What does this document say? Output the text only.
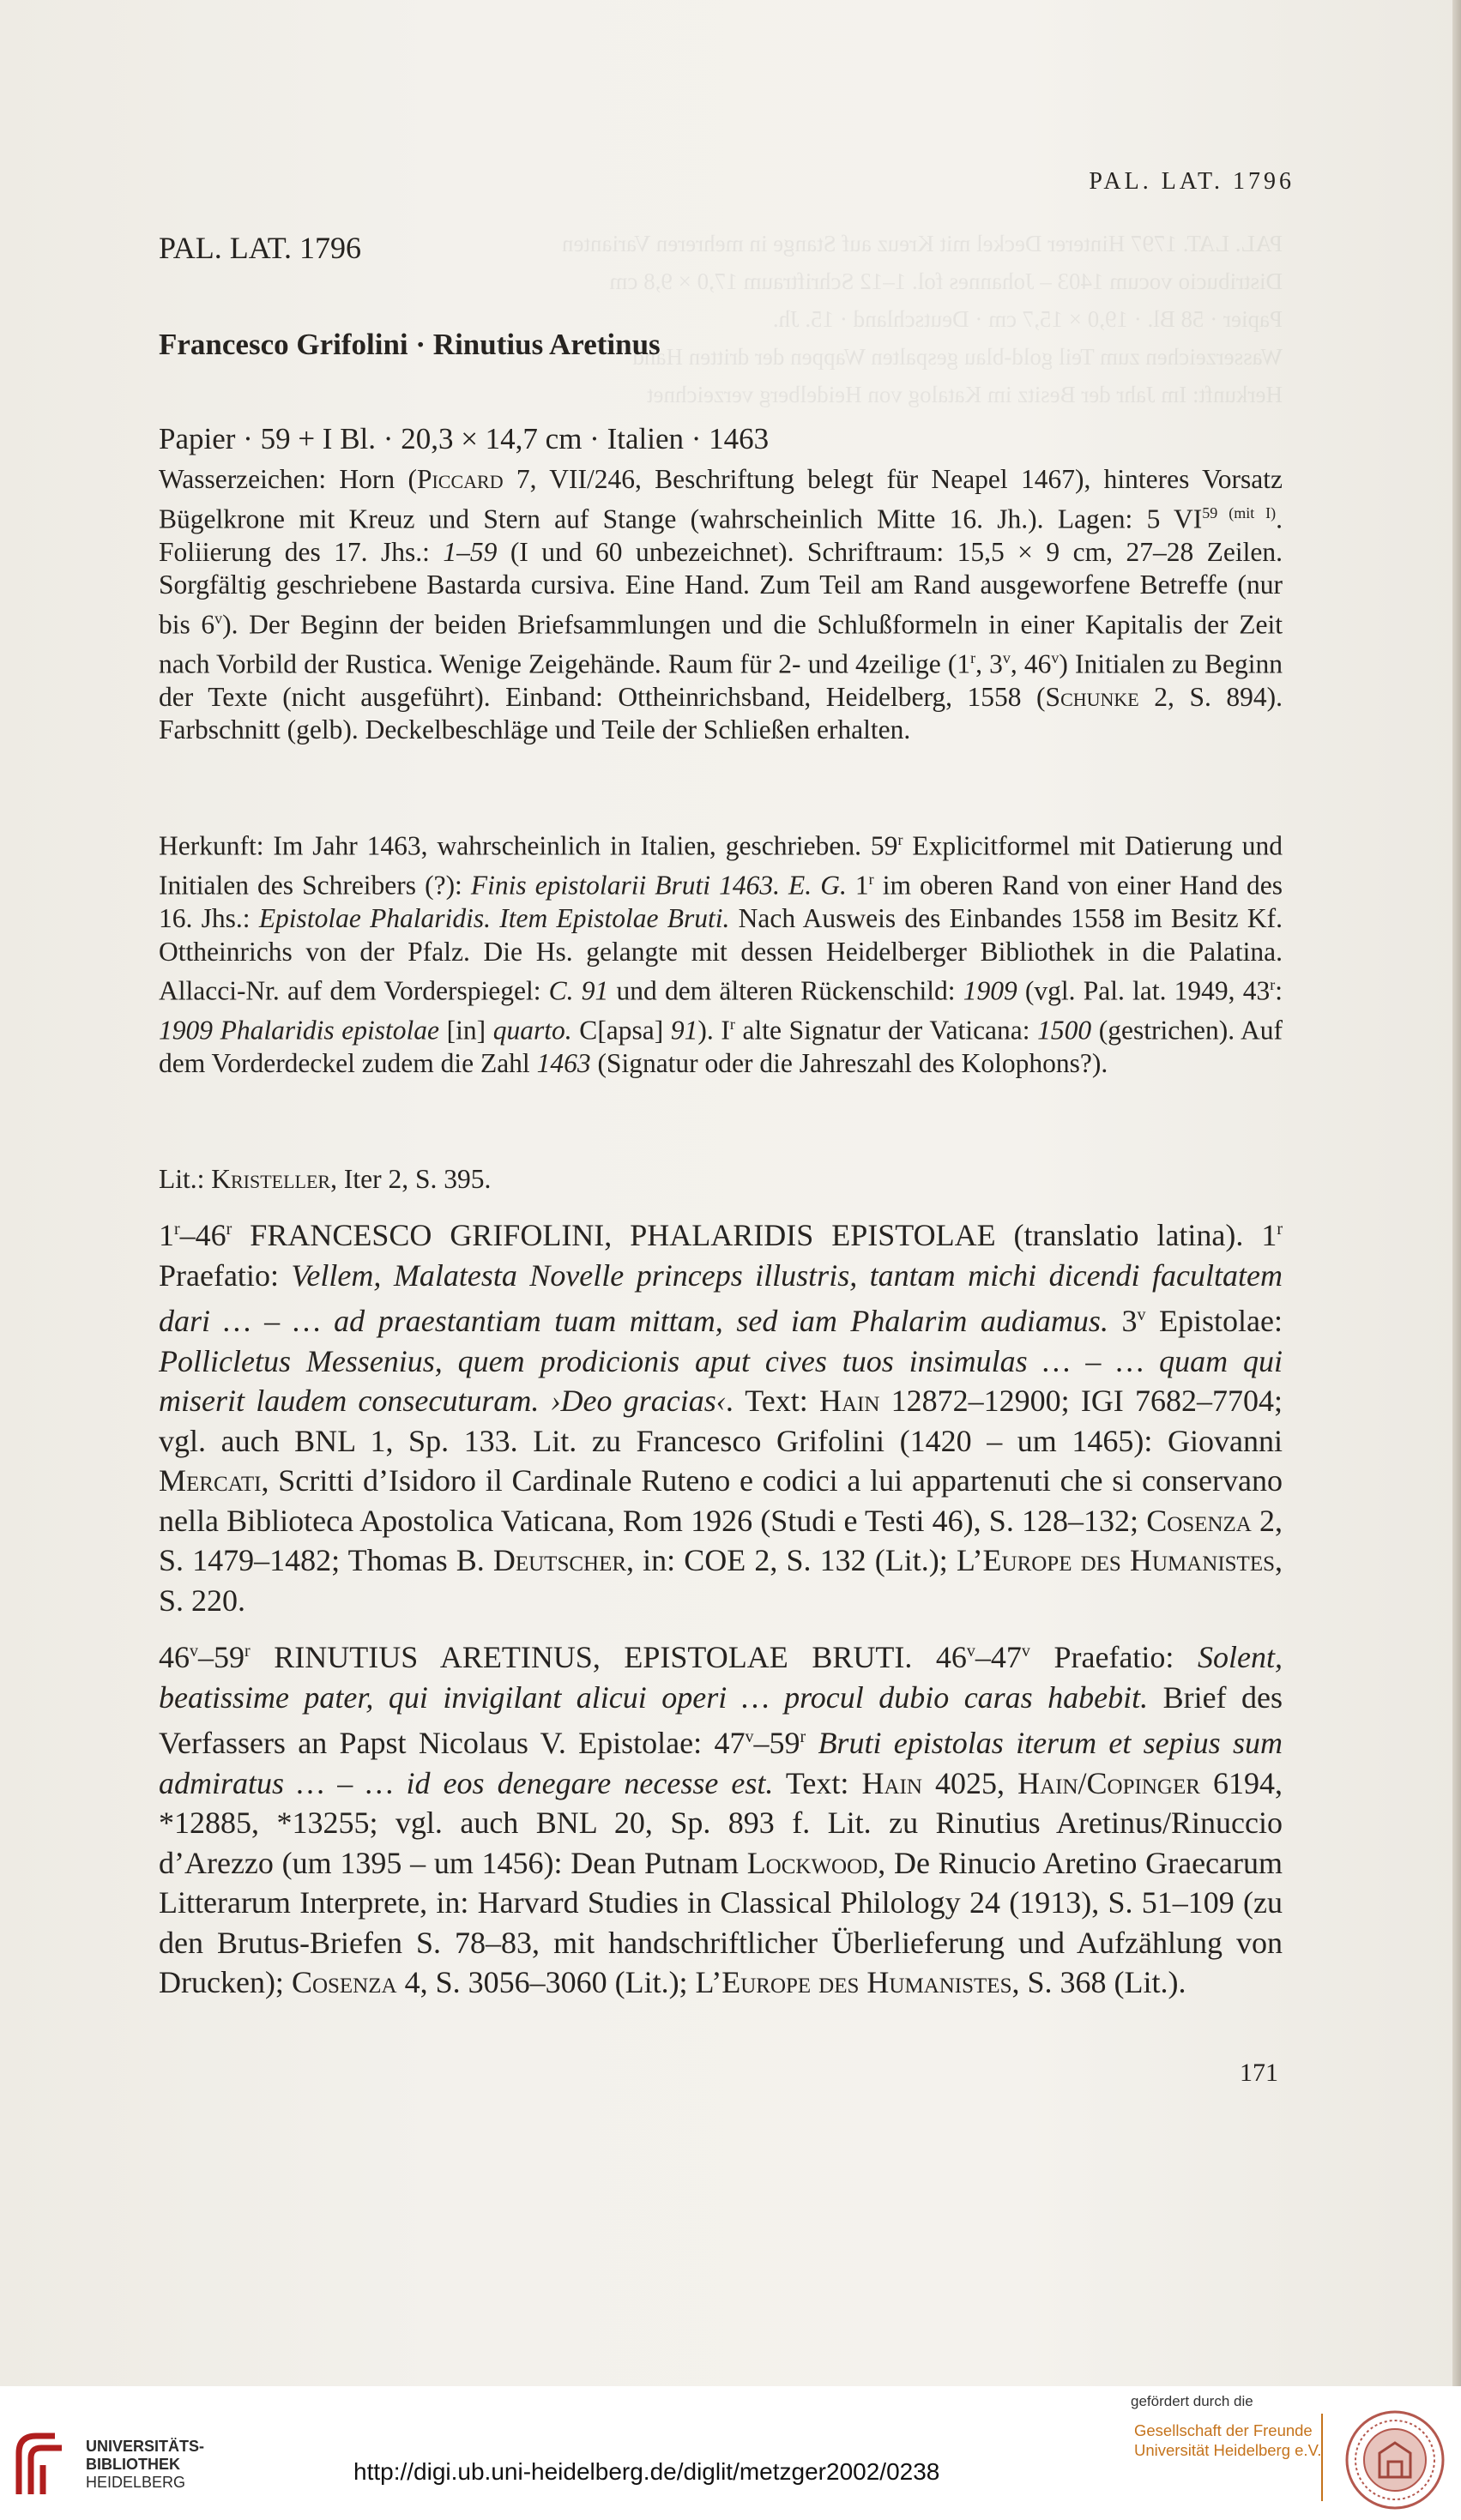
PAL. LAT. 1796
PAL. LAT. 1796
Francesco Grifolini · Rinutius Aretinus
Papier · 59 + I Bl. · 20,3 × 14,7 cm · Italien · 1463

Wasserzeichen: Horn (Piccard 7, VII/246, Beschriftung belegt für Neapel 1467), hinteres Vorsatz Bügelkrone mit Kreuz und Stern auf Stange (wahrscheinlich Mitte 16. Jh.). Lagen: 5 $VI^{59 (mit I)}$. Foliierung des 17. Jhs.: 1–59 (I und 60 unbezeichnet). Schriftraum: 15,5 × 9 cm, 27–28 Zeilen. Sorgfältig geschriebene Bastarda cursiva. Eine Hand. Zum Teil am Rand ausgeworfene Betreffe (nur bis 6$^v$). Der Beginn der beiden Briefsammlungen und die Schlußformeln in einer Kapitalis der Zeit nach Vorbild der Rustica. Wenige Zeigehände. Raum für 2- und 4zeilige (1$^r$, 3$^v$, 46$^v$) Initialen zu Beginn der Texte (nicht ausgeführt). Einband: Ottheinrichsband, Heidelberg, 1558 (Schunke 2, S. 894). Farbschnitt (gelb). Deckelbeschläge und Teile der Schließen erhalten.

Herkunft: Im Jahr 1463, wahrscheinlich in Italien, geschrieben. 59$^r$ Explicitformel mit Datierung und Initialen des Schreibers (?): Finis epistolarii Bruti 1463. E. G. 1$^r$ im oberen Rand von einer Hand des 16. Jhs.: Epistolae Phalaridis. Item Epistolae Bruti. Nach Ausweis des Einbandes 1558 im Besitz Kf. Ottheinrichs von der Pfalz. Die Hs. gelangte mit dessen Heidelberger Bibliothek in die Palatina. Allacci-Nr. auf dem Vorderspiegel: C. 91 und dem älteren Rückenschild: 1909 (vgl. Pal. lat. 1949, 43$^r$: 1909 Phalaridis epistolae [in] quarto. C[apsa] 91). $I^r$ alte Signatur der Vaticana: 1500 (gestrichen). Auf dem Vorderdeckel zudem die Zahl 1463 (Signatur oder die Jahreszahl des Kolophons?).

Lit.: Kristeller, Iter 2, S. 395.

1$^r$–46$^r$ FRANCESCO GRIFOLINI, PHALARIDIS EPISTOLAE (translatio latina). 1$^r$ Praefatio: Vellem, Malatesta Novelle princeps illustris, tantam michi dicendi facultatem dari … – … ad praestantiam tuam mittam, sed iam Phalarim audiamus. 3$^v$ Epistolae: Pollicletus Messenius, quem prodicionis aput cives tuos insimulas … – … quam qui miserit laudem consecuturam. ›Deo gracias‹. Text: Hain 12872–12900; IGI 7682–7704; vgl. auch BNL 1, Sp. 133. Lit. zu Francesco Grifolini (1420 – um 1465): Giovanni Mercati, Scritti d’Isidoro il Cardinale Ruteno e codici a lui appartenuti che si conservano nella Biblioteca Apostolica Vaticana, Rom 1926 (Studi e Testi 46), S. 128–132; Cosenza 2, S. 1479–1482; Thomas B. Deutscher, in: COE 2, S. 132 (Lit.); L’Europe des Humanistes, S. 220.

46$^v$–59$^r$ RINUTIUS ARETINUS, EPISTOLAE BRUTI. 46$^v$–47$^v$ Praefatio: Solent, beatissime pater, qui invigilant alicui operi … procul dubio caras habebit. Brief des Verfassers an Papst Nicolaus V. Epistolae: 47$^v$–59$^r$ Bruti epistolas iterum et sepius sum admiratus … – … id eos denegare necesse est. Text: Hain 4025, Hain/Copinger 6194, *12885, *13255; vgl. auch BNL 20, Sp. 893 f. Lit. zu Rinutius Aretinus/Rinuccio d’Arezzo (um 1395 – um 1456): Dean Putnam Lockwood, De Rinucio Aretino Graecarum Litterarum Interprete, in: Harvard Studies in Classical Philology 24 (1913), S. 51–109 (zu den Brutus-Briefen S. 78–83, mit handschriftlicher Überlieferung und Aufzählung von Drucken); Cosenza 4, S. 3056–3060 (Lit.); L’Europe des Humanistes, S. 368 (Lit.).

171
UNIVERSITÄTS-
BIBLIOTHEK
HEIDELBERG	http://digi.ub.uni-heidelberg.de/diglit/metzger2002/0238
gefördert durch die
Gesellschaft der Freunde
Universität Heidelberg e.V.
